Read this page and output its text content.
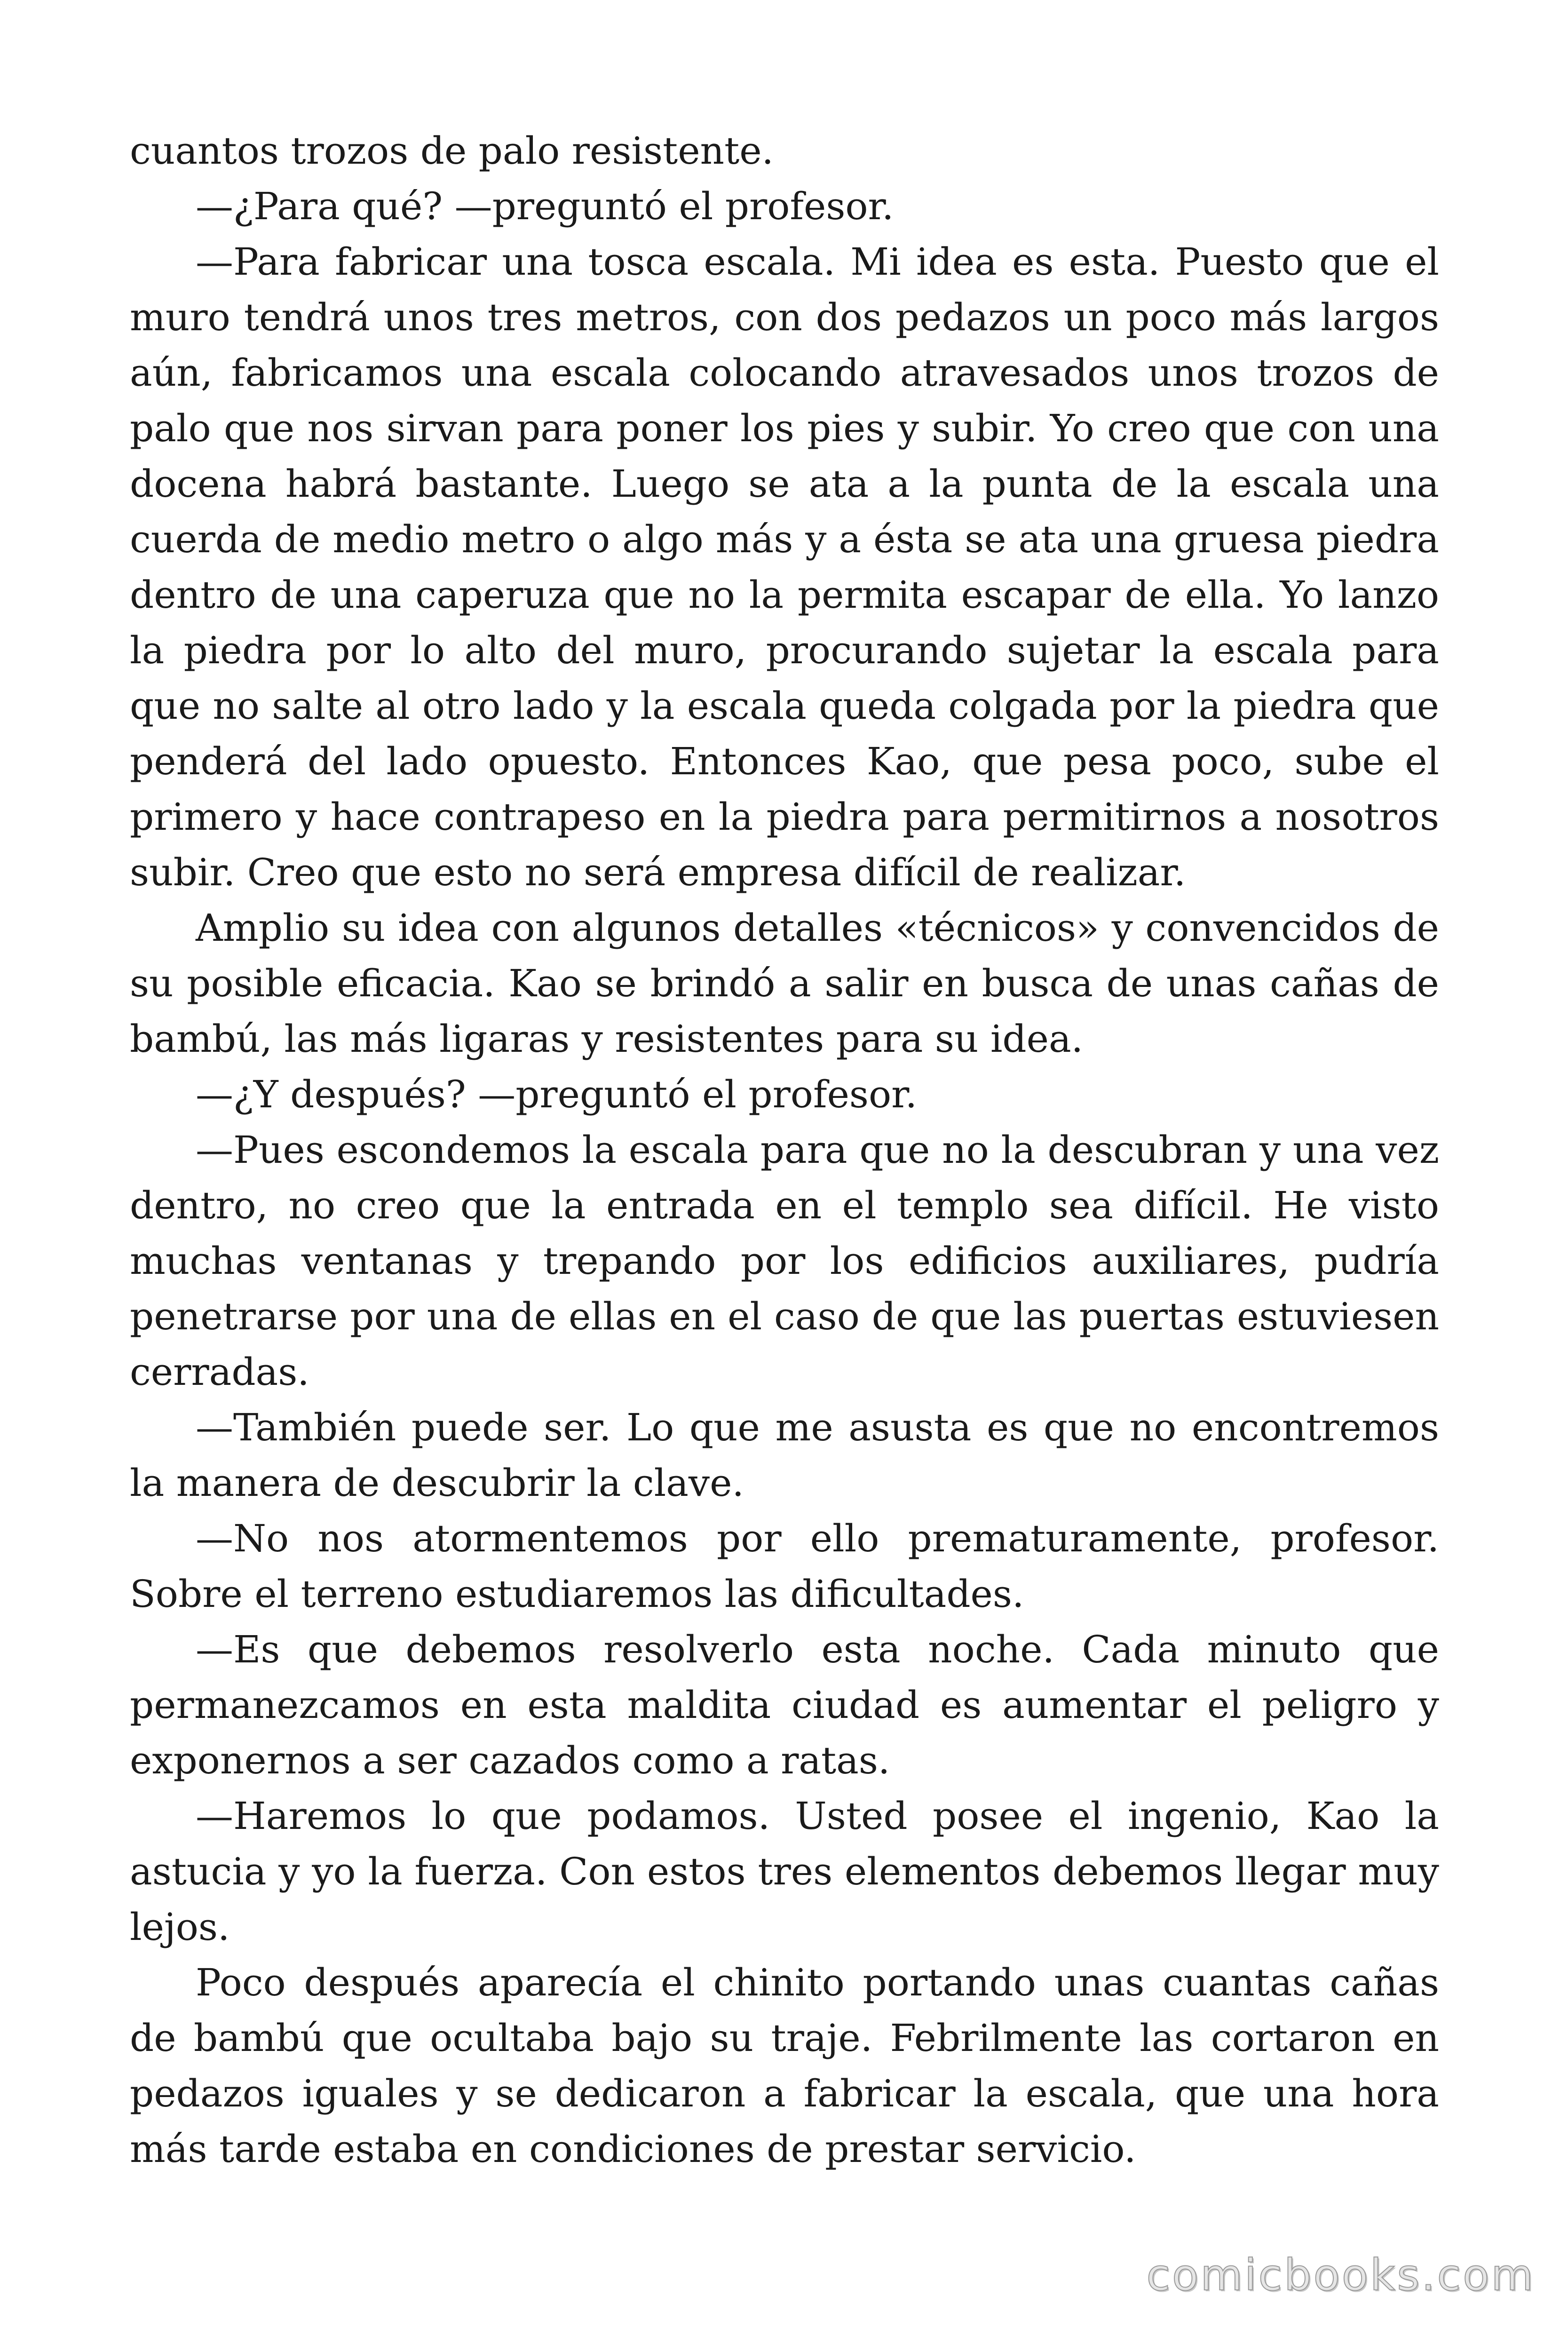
cuantos trozos de palo resistente.

—¿Para qué? —preguntó el profesor.

—Para fabricar una tosca escala. Mi idea es esta. Puesto que el muro tendrá unos tres metros, con dos pedazos un poco más largos aún, fabricamos una escala colocando atravesados unos trozos de palo que nos sirvan para poner los pies y subir. Yo creo que con una docena habrá bastante. Luego se ata a la punta de la escala una cuerda de medio metro o algo más y a ésta se ata una gruesa piedra dentro de una caperuza que no la permita escapar de ella. Yo lanzo la piedra por lo alto del muro, procurando sujetar la escala para que no salte al otro lado y la escala queda colgada por la piedra que penderá del lado opuesto. Entonces Kao, que pesa poco, sube el primero y hace contrapeso en la piedra para permitirnos a nosotros subir. Creo que esto no será empresa difícil de realizar.

Amplio su idea con algunos detalles «técnicos» y convencidos de su posible eficacia. Kao se brindó a salir en busca de unas cañas de bambú, las más ligaras y resistentes para su idea.

—¿Y después? —preguntó el profesor.

—Pues escondemos la escala para que no la descubran y una vez dentro, no creo que la entrada en el templo sea difícil. He visto muchas ventanas y trepando por los edificios auxiliares, pudría penetrarse por una de ellas en el caso de que las puertas estuviesen cerradas.

—También puede ser. Lo que me asusta es que no encontremos la manera de descubrir la clave.

—No nos atormentemos por ello prematuramente, profesor. Sobre el terreno estudiaremos las dificultades.

—Es que debemos resolverlo esta noche. Cada minuto que permanezcamos en esta maldita ciudad es aumentar el peligro y exponernos a ser cazados como a ratas.

—Haremos lo que podamos. Usted posee el ingenio, Kao la astucia y yo la fuerza. Con estos tres elementos debemos llegar muy lejos.

Poco después aparecía el chinito portando unas cuantas cañas de bambú que ocultaba bajo su traje. Febrilmente las cortaron en pedazos iguales y se dedicaron a fabricar la escala, que una hora más tarde estaba en condiciones de prestar servicio.

comicbooks.com
